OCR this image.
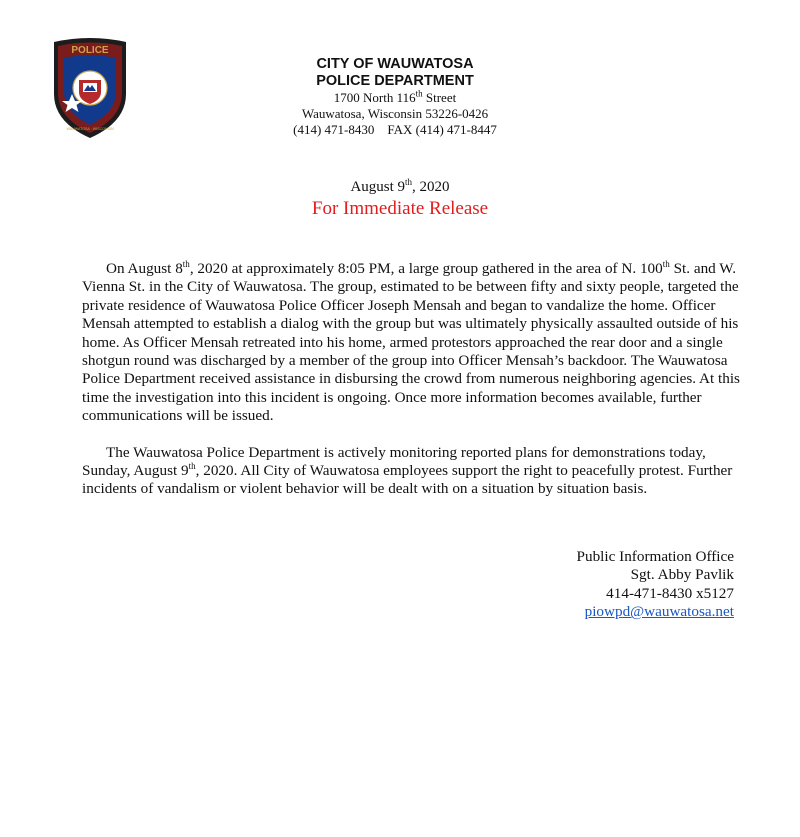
POLICE
WAUWATOSA · WISCONSIN

CITY OF WAUWATOSA

POLICE DEPARTMENT

1700 North 116th Street

Wauwatosa, Wisconsin 53226-0426

(414) 471-8430 FAX (414) 471-8447

August 9th, 2020
For Immediate Release

On August 8th, 2020 at approximately 8:05 PM, a large group gathered in the area of N. 100th St. and W. Vienna St. in the City of Wauwatosa. The group, estimated to be between fifty and sixty people, targeted the private residence of Wauwatosa Police Officer Joseph Mensah and began to vandalize the home. Officer Mensah attempted to establish a dialog with the group but was ultimately physically assaulted outside of his home. As Officer Mensah retreated into his home, armed protestors approached the rear door and a single shotgun round was discharged by a member of the group into Officer Mensah’s backdoor. The Wauwatosa Police Department received assistance in disbursing the crowd from numerous neighboring agencies. At this time the investigation into this incident is ongoing. Once more information becomes available, further communications will be issued.

The Wauwatosa Police Department is actively monitoring reported plans for demonstrations today, Sunday, August 9th, 2020. All City of Wauwatosa employees support the right to peacefully protest. Further incidents of vandalism or violent behavior will be dealt with on a situation by situation basis.

Public Information Office
Sgt. Abby Pavlik
414-471-8430 x5127
piowpd@wauwatosa.net
